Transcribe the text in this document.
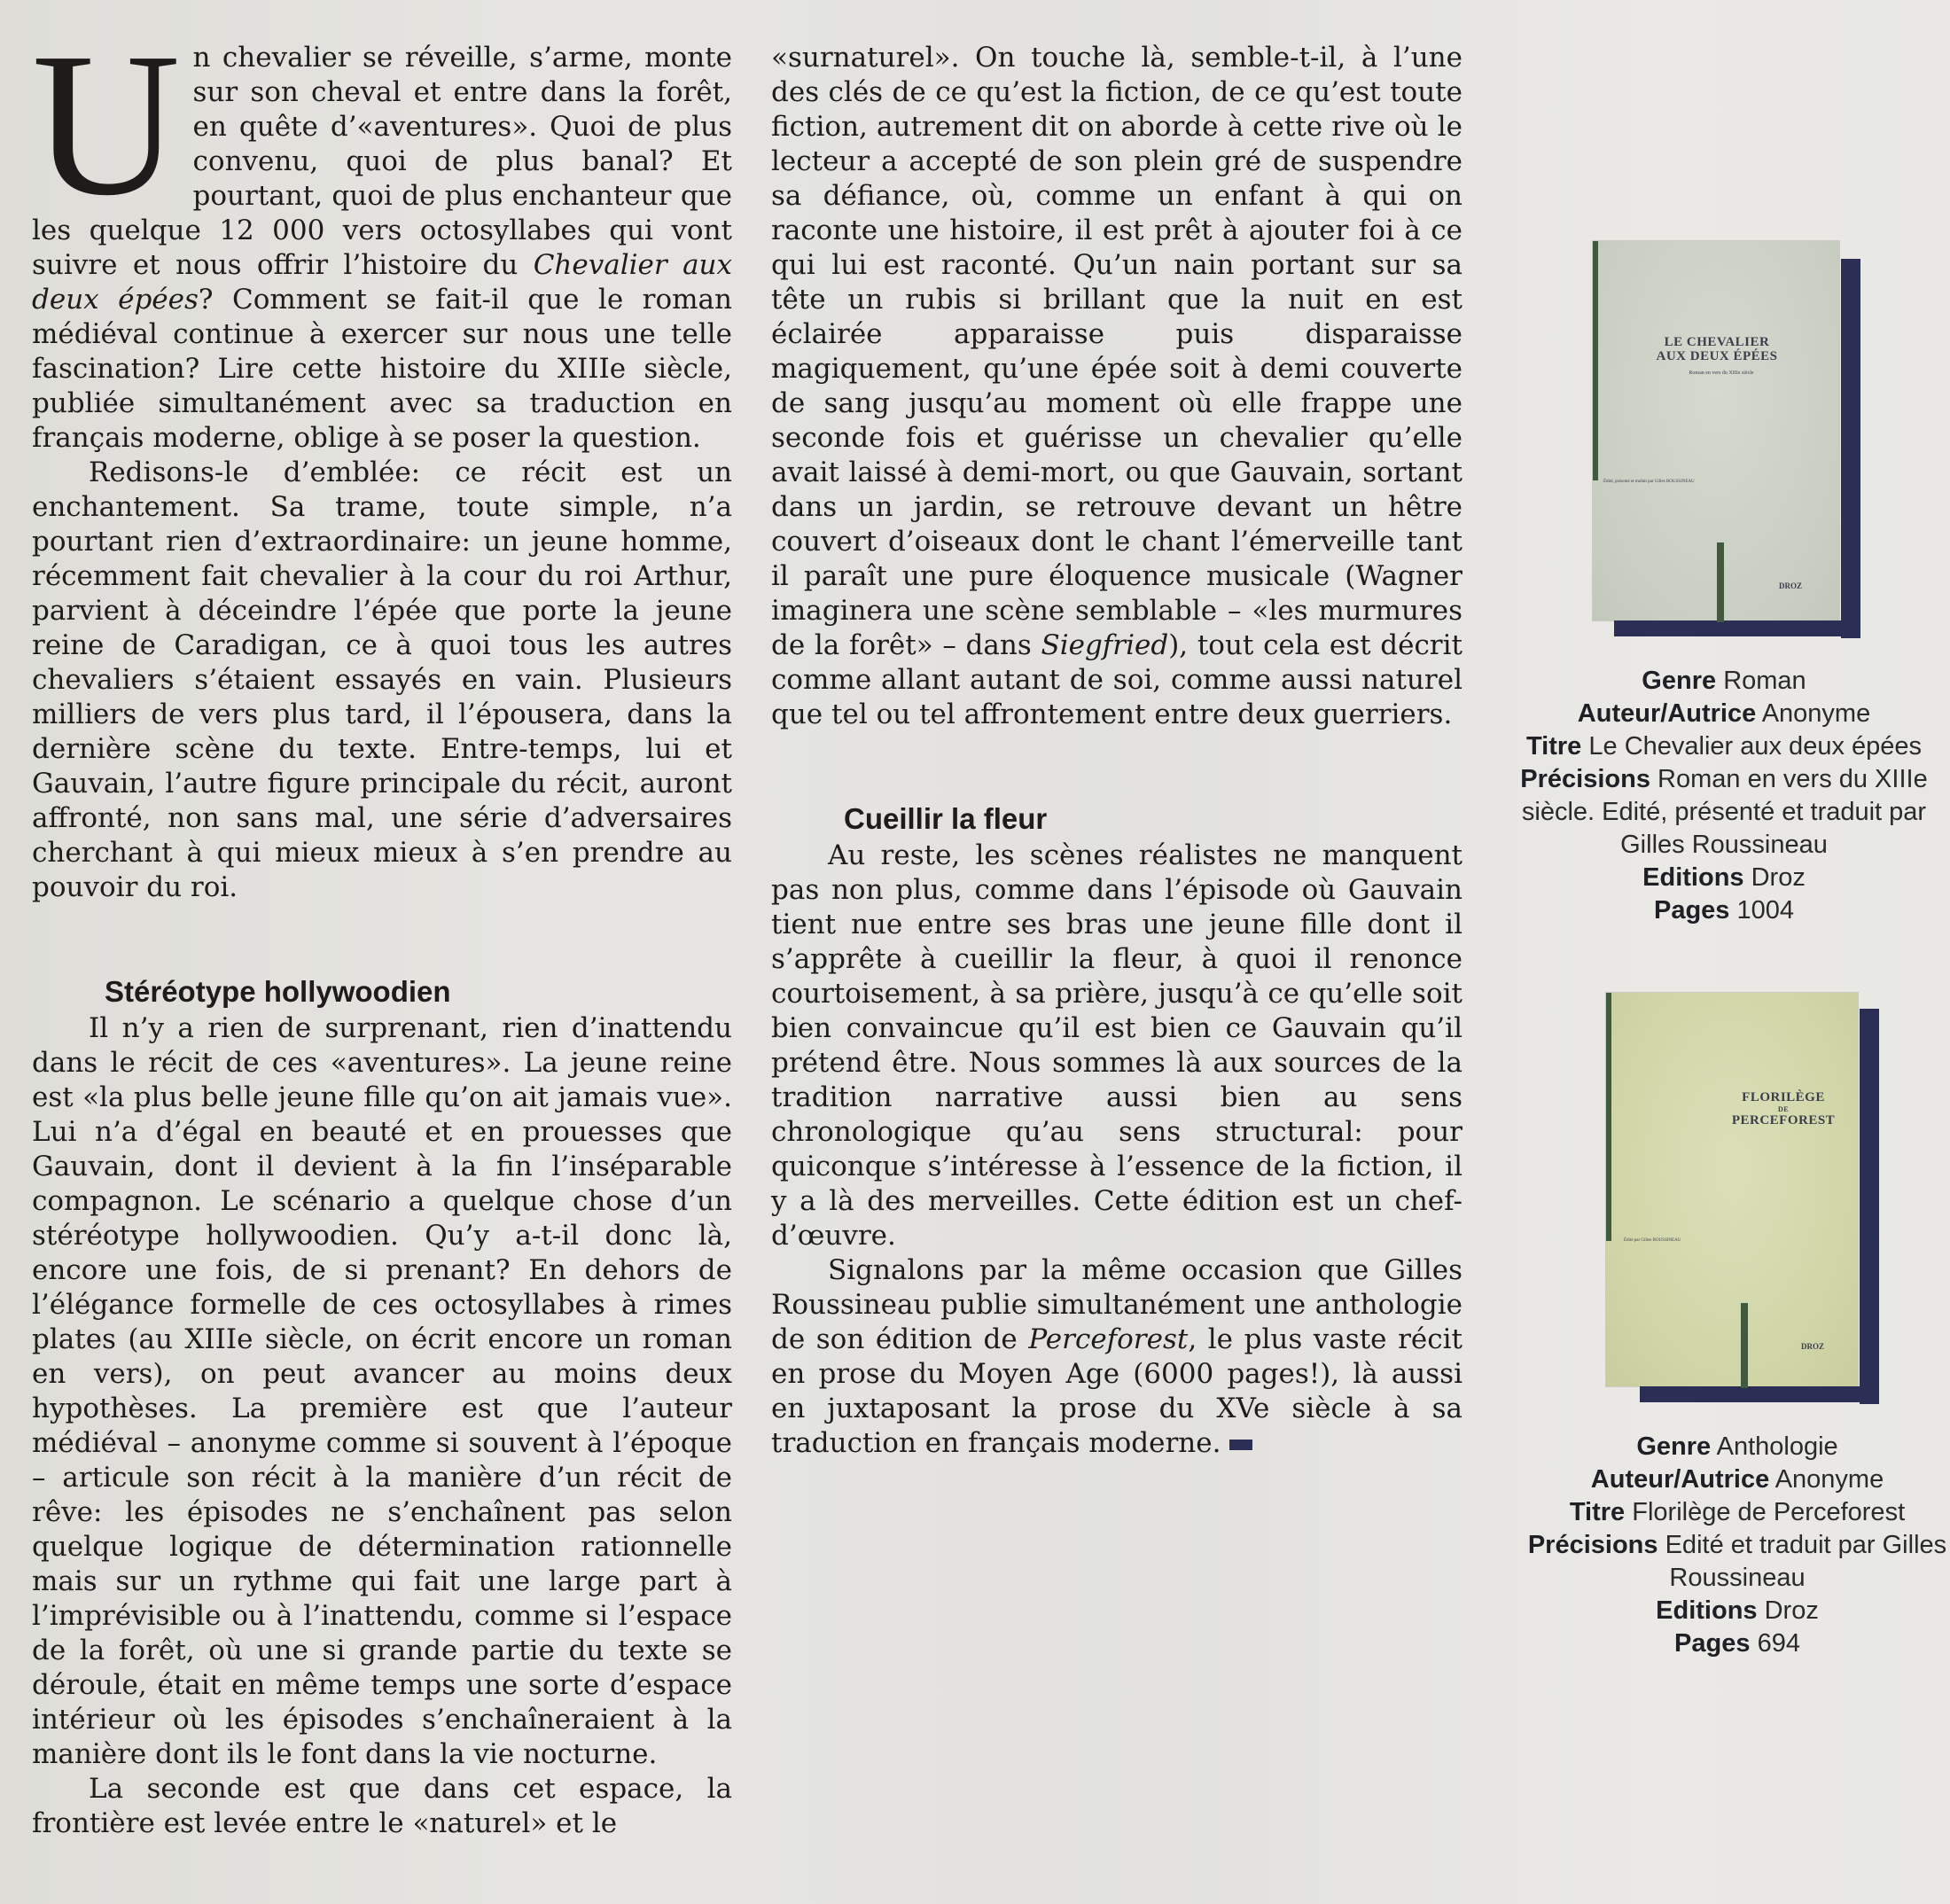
Un chevalier se réveille, s’arme, monte sur son cheval et entre dans la forêt, en quête d’«aventures». Quoi de plus convenu, quoi de plus banal? Et pourtant, quoi de plus enchanteur que les quelque 12 000 vers octosyllabes qui vont suivre et nous offrir l’histoire du Chevalier aux deux épées? Comment se fait-il que le roman médiéval continue à exercer sur nous une telle fascination? Lire cette histoire du XIIIe siècle, publiée simultanément avec sa traduction en français moderne, oblige à se poser la question.

Redisons-le d’emblée: ce récit est un enchantement. Sa trame, toute simple, n’a pourtant rien d’extraordinaire: un jeune homme, récemment fait chevalier à la cour du roi Arthur, parvient à déceindre l’épée que porte la jeune reine de Caradigan, ce à quoi tous les autres chevaliers s’étaient essayés en vain. Plusieurs milliers de vers plus tard, il l’épousera, dans la dernière scène du texte. Entre-temps, lui et Gauvain, l’autre figure principale du récit, auront affronté, non sans mal, une série d’adversaires cherchant à qui mieux mieux à s’en prendre au pouvoir du roi.

Stéréotype hollywoodien

Il n’y a rien de surprenant, rien d’inattendu dans le récit de ces «aventures». La jeune reine est «la plus belle jeune fille qu’on ait jamais vue». Lui n’a d’égal en beauté et en prouesses que Gauvain, dont il devient à la fin l’inséparable compagnon. Le scénario a quelque chose d’un stéréotype hollywoodien. Qu’y a-t-il donc là, encore une fois, de si prenant? En dehors de l’élégance formelle de ces octosyllabes à rimes plates (au XIIIe siècle, on écrit encore un roman en vers), on peut avancer au moins deux hypothèses. La première est que l’auteur médiéval – anonyme comme si souvent à l’époque – articule son récit à la manière d’un récit de rêve: les épisodes ne s’enchaînent pas selon quelque logique de détermination rationnelle mais sur un rythme qui fait une large part à l’imprévisible ou à l’inattendu, comme si l’espace de la forêt, où une si grande partie du texte se déroule, était en même temps une sorte d’espace intérieur où les épisodes s’enchaîneraient à la manière dont ils le font dans la vie nocturne.

La seconde est que dans cet espace, la frontière est levée entre le «naturel» et le

«surnaturel». On touche là, semble-t-il, à l’une des clés de ce qu’est la fiction, de ce qu’est toute fiction, autrement dit on aborde à cette rive où le lecteur a accepté de son plein gré de suspendre sa défiance, où, comme un enfant à qui on raconte une histoire, il est prêt à ajouter foi à ce qui lui est raconté. Qu’un nain portant sur sa tête un rubis si brillant que la nuit en est éclairée apparaisse puis disparaisse magiquement, qu’une épée soit à demi couverte de sang jusqu’au moment où elle frappe une seconde fois et guérisse un chevalier qu’elle avait laissé à demi-mort, ou que Gauvain, sortant dans un jardin, se retrouve devant un hêtre couvert d’oiseaux dont le chant l’émerveille tant il paraît une pure éloquence musicale (Wagner imaginera une scène semblable – «les murmures de la forêt» – dans Siegfried), tout cela est décrit comme allant autant de soi, comme aussi naturel que tel ou tel affrontement entre deux guerriers.

Cueillir la fleur

Au reste, les scènes réalistes ne manquent pas non plus, comme dans l’épisode où Gauvain tient nue entre ses bras une jeune fille dont il s’apprête à cueillir la fleur, à quoi il renonce courtoisement, à sa prière, jusqu’à ce qu’elle soit bien convaincue qu’il est bien ce Gauvain qu’il prétend être. Nous sommes là aux sources de la tradition narrative aussi bien au sens chronologique qu’au sens structural: pour quiconque s’intéresse à l’essence de la fiction, il y a là des merveilles. Cette édition est un chef-d’œuvre.

Signalons par la même occasion que Gilles Roussineau publie simultanément une anthologie de son édition de Perceforest, le plus vaste récit en prose du Moyen Age (6000 pages!), là aussi en juxtaposant la prose du XVe siècle à sa traduction en français moderne.

LE CHEVALIER
AUX DEUX ÉPÉES
Roman en vers du XIIIe siècle
Édité, présenté et traduit par Gilles ROUSSINEAU
DROZ
Genre Roman
Auteur/Autrice Anonyme
Titre Le Chevalier aux deux épées
Précisions Roman en vers du XIIIe siècle. Edité, présenté et traduit par Gilles Roussineau
Editions Droz
Pages 1004
FLORILÈGE
DE
PERCEFOREST
Édité par Gilles ROUSSINEAU
DROZ
Genre Anthologie
Auteur/Autrice Anonyme
Titre Florilège de Perceforest
Précisions Edité et traduit par Gilles Roussineau
Editions Droz
Pages 694
